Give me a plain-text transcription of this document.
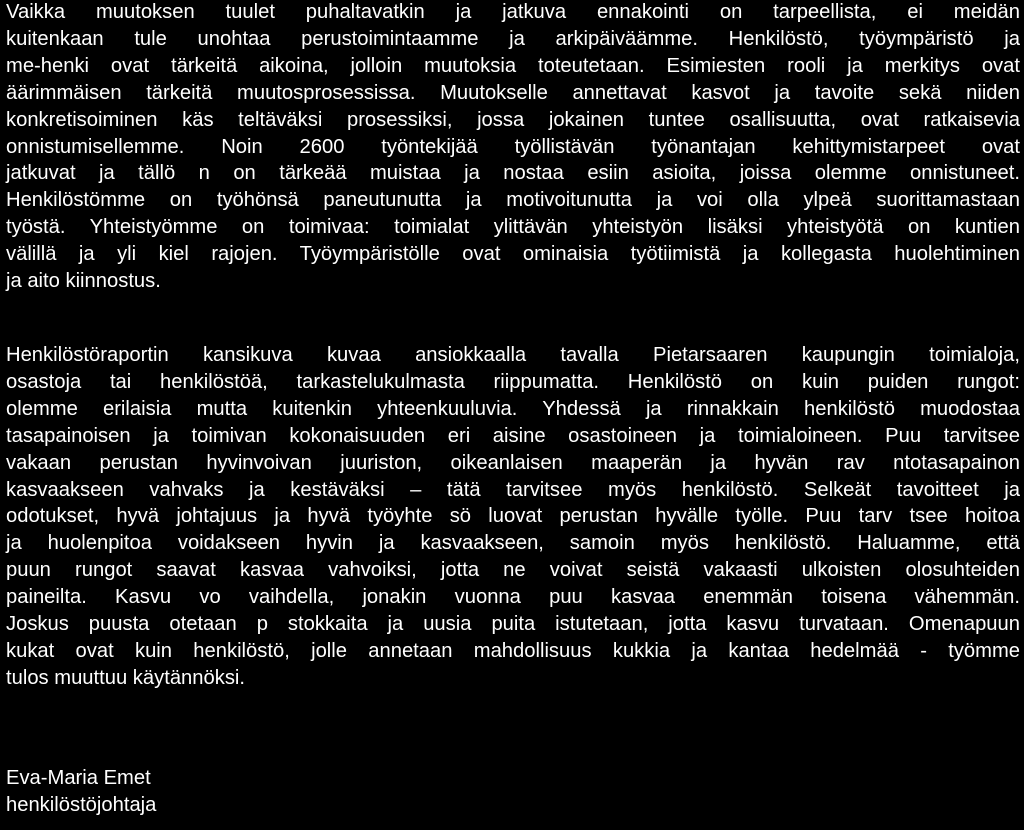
Vaikka muutoksen tuulet puhaltavatkin ja jatkuva ennakointi on tarpeellista, ei meidän
kuitenkaan tule unohtaa perustoimintaamme ja arkipäiväämme. Henkilöstö, työympäristö ja
me-henki ovat tärkeitä aikoina, jolloin muutoksia toteutetaan. Esimiesten rooli ja merkitys ovat
äärimmäisen tärkeitä muutosprosessissa. Muutokselle annettavat kasvot ja tavoite sekä niiden
konkretisoiminen käs teltäväksi prosessiksi, jossa jokainen tuntee osallisuutta, ovat ratkaisevia
onnistumisellemme. Noin 2600 työntekijää työllistävän työnantajan kehittymistarpeet ovat
jatkuvat ja tällö n on tärkeää muistaa ja nostaa esiin asioita, joissa olemme onnistuneet.
Henkilöstömme on työhönsä paneutunutta ja motivoitunutta ja voi olla ylpeä suorittamastaan
työstä. Yhteistyömme on toimivaa: toimialat ylittävän yhteistyön lisäksi yhteistyötä on kuntien
välillä ja yli kiel rajojen. Työympäristölle ovat ominaisia työtiimistä ja kollegasta huolehtiminen
ja aito kiinnostus.
Henkilöstöraportin kansikuva kuvaa ansiokkaalla tavalla Pietarsaaren kaupungin toimialoja,
osastoja tai henkilöstöä, tarkastelukulmasta riippumatta. Henkilöstö on kuin puiden rungot:
olemme erilaisia mutta kuitenkin yhteenkuuluvia. Yhdessä ja rinnakkain henkilöstö muodostaa
tasapainoisen ja toimivan kokonaisuuden eri aisine osastoineen ja toimialoineen. Puu tarvitsee
vakaan perustan hyvinvoivan juuriston, oikeanlaisen maaperän ja hyvän rav ntotasapainon
kasvaakseen vahvaks ja kestäväksi – tätä tarvitsee myös henkilöstö. Selkeät tavoitteet ja
odotukset, hyvä johtajuus ja hyvä työyhte sö luovat perustan hyvälle työlle. Puu tarv tsee hoitoa
ja huolenpitoa voidakseen hyvin ja kasvaakseen, samoin myös henkilöstö. Haluamme, että
puun rungot saavat kasvaa vahvoiksi, jotta ne voivat seistä vakaasti ulkoisten olosuhteiden
paineilta. Kasvu vo vaihdella, jonakin vuonna puu kasvaa enemmän toisena vähemmän.
Joskus puusta otetaan p stokkaita ja uusia puita istutetaan, jotta kasvu turvataan. Omenapuun
kukat ovat kuin henkilöstö, jolle annetaan mahdollisuus kukkia ja kantaa hedelmää - työmme
tulos muuttuu käytännöksi.
Eva-Maria Emet
henkilöstöjohtaja
